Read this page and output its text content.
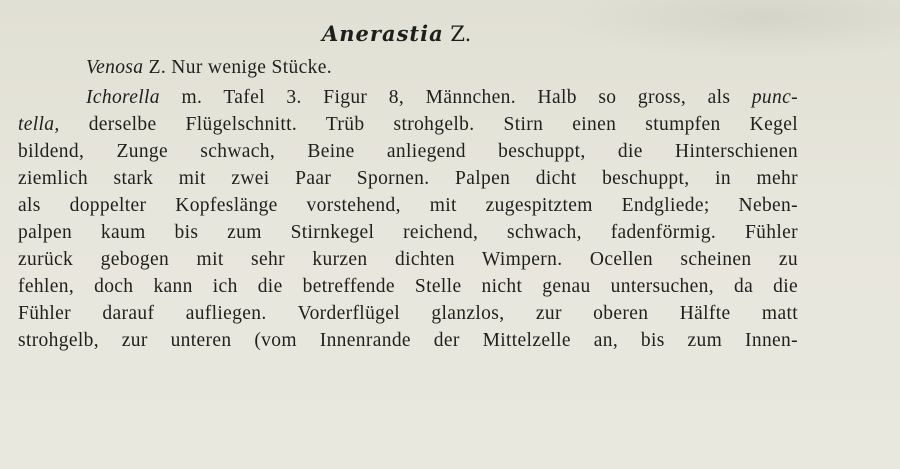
Anerastia Z.
Venosa Z. Nur wenige Stücke.
Ichorella m. Tafel 3. Figur 8, Männchen. Halb so gross, als punc-
tella, derselbe Flügelschnitt. Trüb strohgelb. Stirn einen stumpfen Kegel
bildend, Zunge schwach, Beine anliegend beschuppt, die Hinterschienen
ziemlich stark mit zwei Paar Spornen. Palpen dicht beschuppt, in mehr
als doppelter Kopfeslänge vorstehend, mit zugespitztem Endgliede; Neben-
palpen kaum bis zum Stirnkegel reichend, schwach, fadenförmig. Fühler
zurück gebogen mit sehr kurzen dichten Wimpern. Ocellen scheinen zu
fehlen, doch kann ich die betreffende Stelle nicht genau untersuchen, da die
Fühler darauf aufliegen. Vorderflügel glanzlos, zur oberen Hälfte matt
strohgelb, zur unteren (vom Innenrande der Mittelzelle an, bis zum Innen-
